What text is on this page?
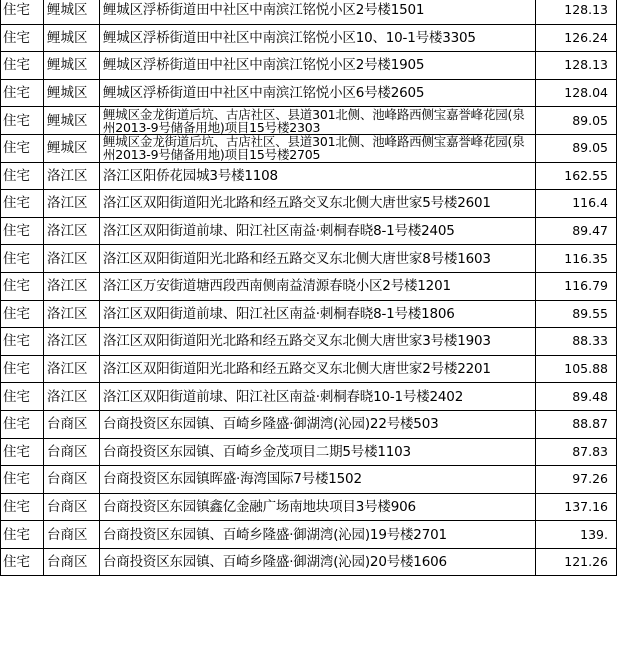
住宅	鲤城区	鲤城区浮桥街道田中社区中南滨江铭悦小区2号楼1501	128.13
住宅	鲤城区	鲤城区浮桥街道田中社区中南滨江铭悦小区10、10-1号楼3305	126.24
住宅	鲤城区	鲤城区浮桥街道田中社区中南滨江铭悦小区2号楼1905	128.13
住宅	鲤城区	鲤城区浮桥街道田中社区中南滨江铭悦小区6号楼2605	128.04
住宅	鲤城区	鲤城区金龙街道后坑、古店社区、县道301北侧、池峰路西侧宝嘉誉峰花园(泉州2013-9号储备用地)项目15号楼2303	89.05
住宅	鲤城区	鲤城区金龙街道后坑、古店社区、县道301北侧、池峰路西侧宝嘉誉峰花园(泉州2013-9号储备用地)项目15号楼2705	89.05
住宅	洛江区	洛江区阳侨花园城3号楼1108	162.55
住宅	洛江区	洛江区双阳街道阳光北路和经五路交叉东北侧大唐世家5号楼2601	116.4
住宅	洛江区	洛江区双阳街道前埭、阳江社区南益·刺桐春晓8-1号楼2405	89.47
住宅	洛江区	洛江区双阳街道阳光北路和经五路交叉东北侧大唐世家8号楼1603	116.35
住宅	洛江区	洛江区万安街道塘西段西南侧南益清源春晓小区2号楼1201	116.79
住宅	洛江区	洛江区双阳街道前埭、阳江社区南益·刺桐春晓8-1号楼1806	89.55
住宅	洛江区	洛江区双阳街道阳光北路和经五路交叉东北侧大唐世家3号楼1903	88.33
住宅	洛江区	洛江区双阳街道阳光北路和经五路交叉东北侧大唐世家2号楼2201	105.88
住宅	洛江区	洛江区双阳街道前埭、阳江社区南益·刺桐春晓10-1号楼2402	89.48
住宅	台商区	台商投资区东园镇、百崎乡隆盛·御湖湾(沁园)22号楼503	88.87
住宅	台商区	台商投资区东园镇、百崎乡金茂项目二期5号楼1103	87.83
住宅	台商区	台商投资区东园镇晖盛·海湾国际7号楼1502	97.26
住宅	台商区	台商投资区东园镇鑫亿金融广场南地块项目3号楼906	137.16
住宅	台商区	台商投资区东园镇、百崎乡隆盛·御湖湾(沁园)19号楼2701	139.
住宅	台商区	台商投资区东园镇、百崎乡隆盛·御湖湾(沁园)20号楼1606	121.26
